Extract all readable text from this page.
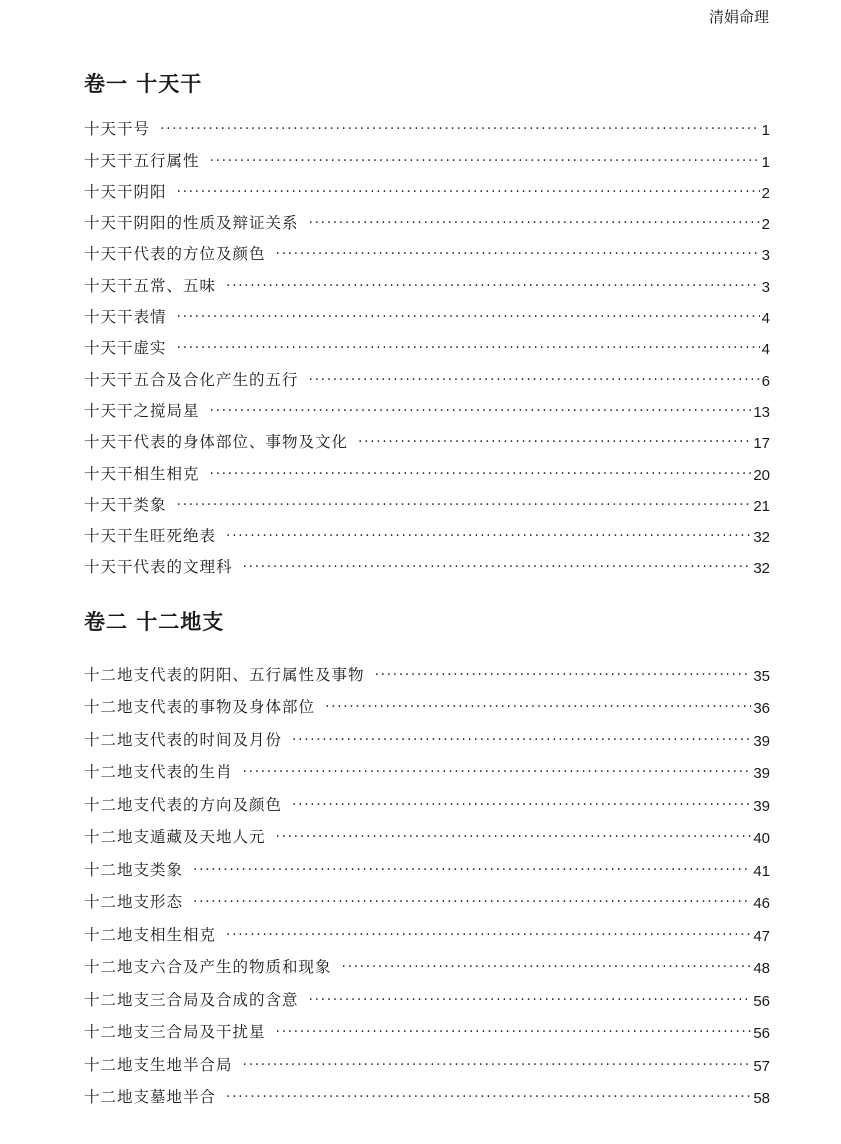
清娟命理
卷一 十天干
十天干号 ·····	1
十天干五行属性 ·····	1
十天干阴阳 ·····	2
十天干阴阳的性质及辩证关系 ·····	2
十天干代表的方位及颜色 ·····	3
十天干五常、五味 ·····	3
十天干表情 ·····	4
十天干虚实 ·····	4
十天干五合及合化产生的五行 ·····	6
十天干之搅局星 ·····	13
十天干代表的身体部位、事物及文化 ·····	17
十天干相生相克 ·····	20
十天干类象 ·····	21
十天干生旺死绝表 ·····	32
十天干代表的文理科 ·····	32
卷二 十二地支
十二地支代表的阴阳、五行属性及事物 ·····	35
十二地支代表的事物及身体部位 ·····	36
十二地支代表的时间及月份 ·····	39
十二地支代表的生肖 ·····	39
十二地支代表的方向及颜色 ·····	39
十二地支遁藏及天地人元 ·····	40
十二地支类象 ·····	41
十二地支形态 ·····	46
十二地支相生相克 ·····	47
十二地支六合及产生的物质和现象 ·····	48
十二地支三合局及合成的含意 ·····	56
十二地支三合局及干扰星 ·····	56
十二地支生地半合局 ·····	57
十二地支墓地半合 ·····	58
